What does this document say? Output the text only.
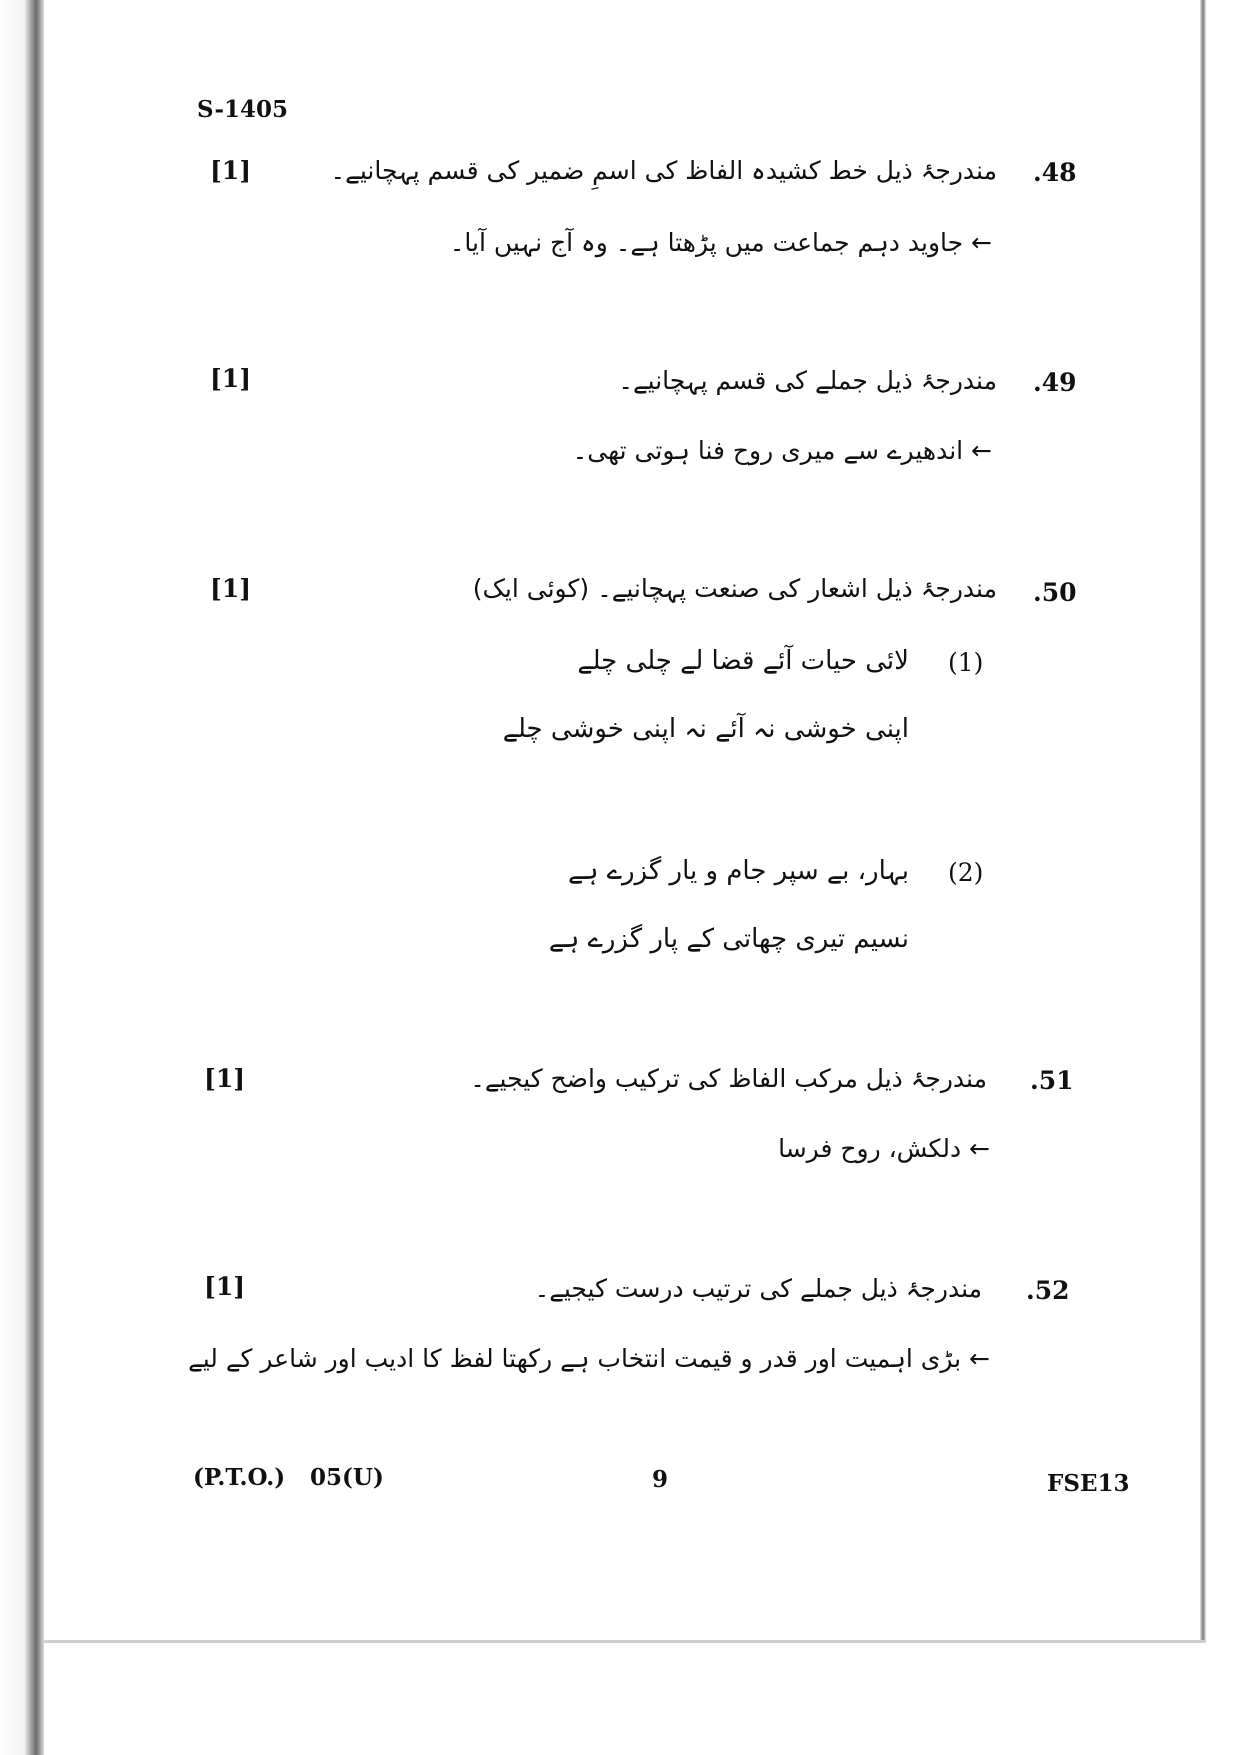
S-1405
[1]	.48
مندرجۂ ذیل خط کشیدہ الفاظ کی اسمِ ضمیر کی قسم پہچانیے۔
← جاوید دہم جماعت میں پڑھتا ہے۔ وہ آج نہیں آیا۔
[1]	.49
مندرجۂ ذیل جملے کی قسم پہچانیے۔
← اندھیرے سے میری روح فنا ہوتی تھی۔
[1]	.50
مندرجۂ ذیل اشعار کی صنعت پہچانیے۔ (کوئی ایک)
(1)
لائی حیات آئے قضا لے چلی چلے
اپنی خوشی نہ آئے نہ اپنی خوشی چلے
(2)
بہار، بے سپر جام و یار گزرے ہے
نسیم تیری چھاتی کے پار گزرے ہے
[1]	.51
مندرجۂ ذیل مرکب الفاظ کی ترکیب واضح کیجیے۔
← دلکش، روح فرسا
[1]	.52
مندرجۂ ذیل جملے کی ترتیب درست کیجیے۔
← بڑی اہمیت اور قدر و قیمت انتخاب ہے رکھتا لفظ کا ادیب اور شاعر کے لیے
(P.T.O.) 05(U)	9	FSE13
